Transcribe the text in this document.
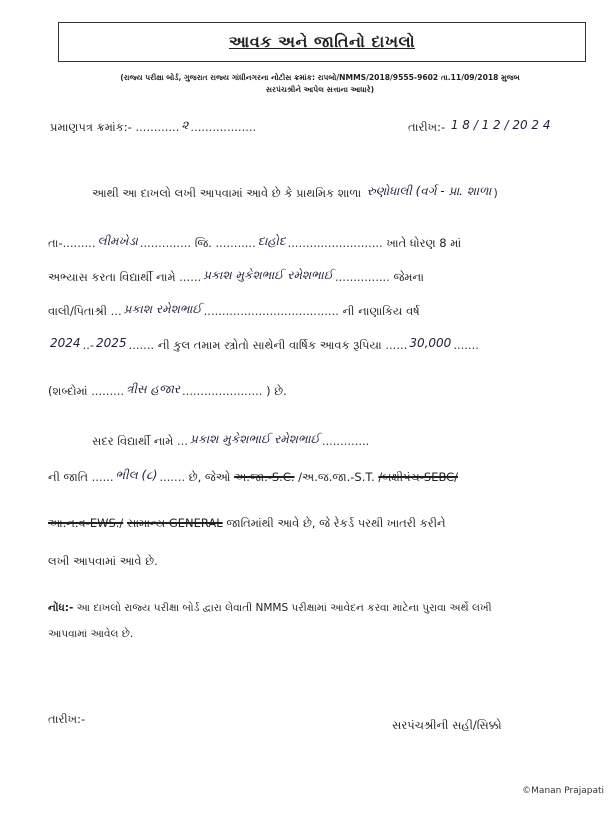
આવક અને જાતિનો દાખલો
(રાજ્ય પરીક્ષા બોર્ડ, ગુજરાત રાજ્ય ગાંધીનગરના નોટીસ ક્રમાંક: રાપબો/NMMS/2018/9555-9602 તા.11/09/2018 મુજબ
સરપંચશ્રીને આપેલ સત્તાના આધારે)
પ્રમાણપત્ર ક્રમાંક:- ............ ૨ ..................	તારીખ:- 1 8 / 1 2 / 20 2 4
આથી આ દાખલો લખી આપવામાં આવે છે કે પ્રાથમિક શાળા રુણોધાલી (વર્ગ - પ્રા. શાળા )
તા-......... લીમખેડા .............. જિ. ........... દાહોદ .......................... ખાતે ધોરણ 8 માં
અભ્યાસ કરતા વિદ્યાર્થી નામે ...... પ્રકાશ મુકેશભાઈ રમેશભાઈ ............... જેમના
વાલી/પિતાશ્રી ... પ્રકાશ રમેશભાઈ ..................................... ની નાણાકિય વર્ષ
2024 ..- 2025 ....... ની કુલ તમામ સ્ત્રોતો સાથેની વાર્ષિક આવક રૂપિયા ...... 30,000 .......
(શબ્દોમાં ......... ત્રીસ હજાર ...................... ) છે.
સદર વિદ્યાર્થી નામે ... પ્રકાશ મુકેશભાઈ રમેશભાઈ .............
ની જાતિ ...... ભીલ (૮) ....... છે, જેઓ અ.જા.-S.C. /અ.જ.જા.-S.T. /બક્ષીપંચ-SEBC/
આ.ન.વ-EWS./ સામાન્ય GENERAL જાતિમાંથી આવે છે, જે રેકર્ડ પરથી ખાતરી કરીને
લખી આપવામાં આવે છે.
નોંધ:- આ દાખલો રાજ્ય પરીક્ષા બોર્ડ દ્વારા લેવાતી NMMS પરીક્ષામાં આવેદન કરવા માટેના પુરાવા અર્થે લખી
આપવામાં આવેલ છે.
તારીખ:-	સરપંચશ્રીની સહી/સિક્કો
©Manan Prajapati
